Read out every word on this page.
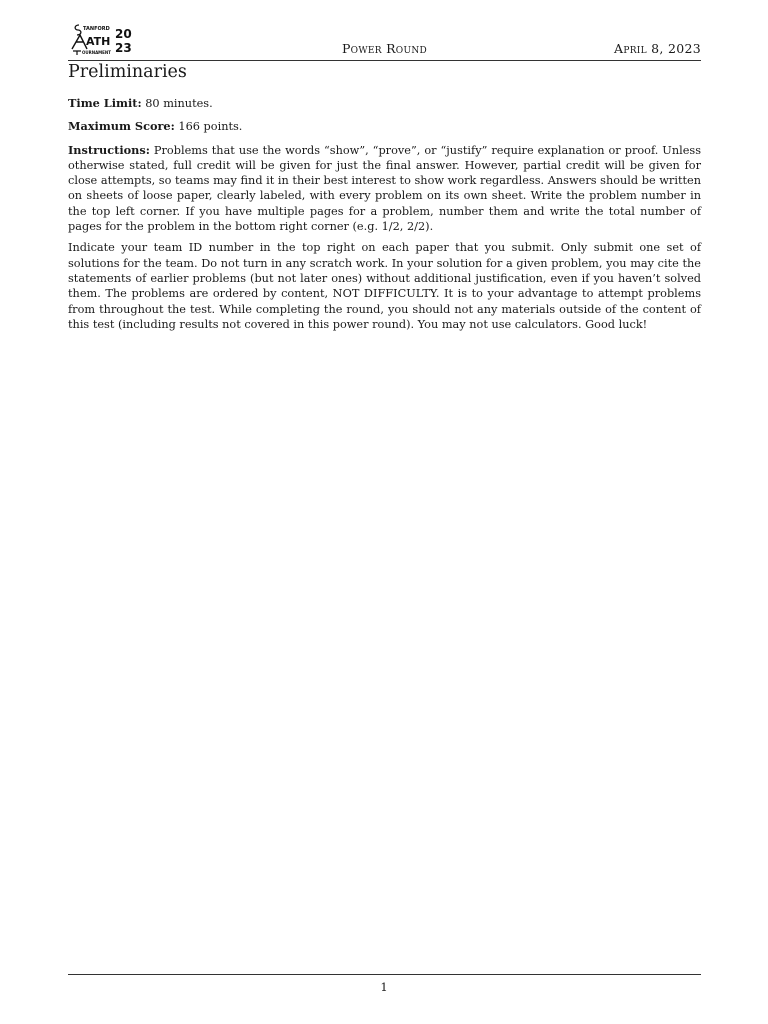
TANFORD
ATH
OURNAMENT
20
23	Power Round	April 8, 2023
Preliminaries

Time Limit: 80 minutes.

Maximum Score: 166 points.

Instructions: Problems that use the words “show”, “prove”, or “justify” require explanation or proof. Unless otherwise stated, full credit will be given for just the final answer. However, partial credit will be given for close attempts, so teams may find it in their best interest to show work regardless. Answers should be written on sheets of loose paper, clearly labeled, with every problem on its own sheet. Write the problem number in the top left corner. If you have multiple pages for a problem, number them and write the total number of pages for the problem in the bottom right corner (e.g. 1/2, 2/2).

Indicate your team ID number in the top right on each paper that you submit. Only submit one set of solutions for the team. Do not turn in any scratch work. In your solution for a given problem, you may cite the statements of earlier problems (but not later ones) without additional justification, even if you haven’t solved them. The problems are ordered by content, NOT DIFFICULTY. It is to your advantage to attempt problems from throughout the test. While completing the round, you should not any materials outside of the content of this test (including results not covered in this power round). You may not use calculators. Good luck!

1
